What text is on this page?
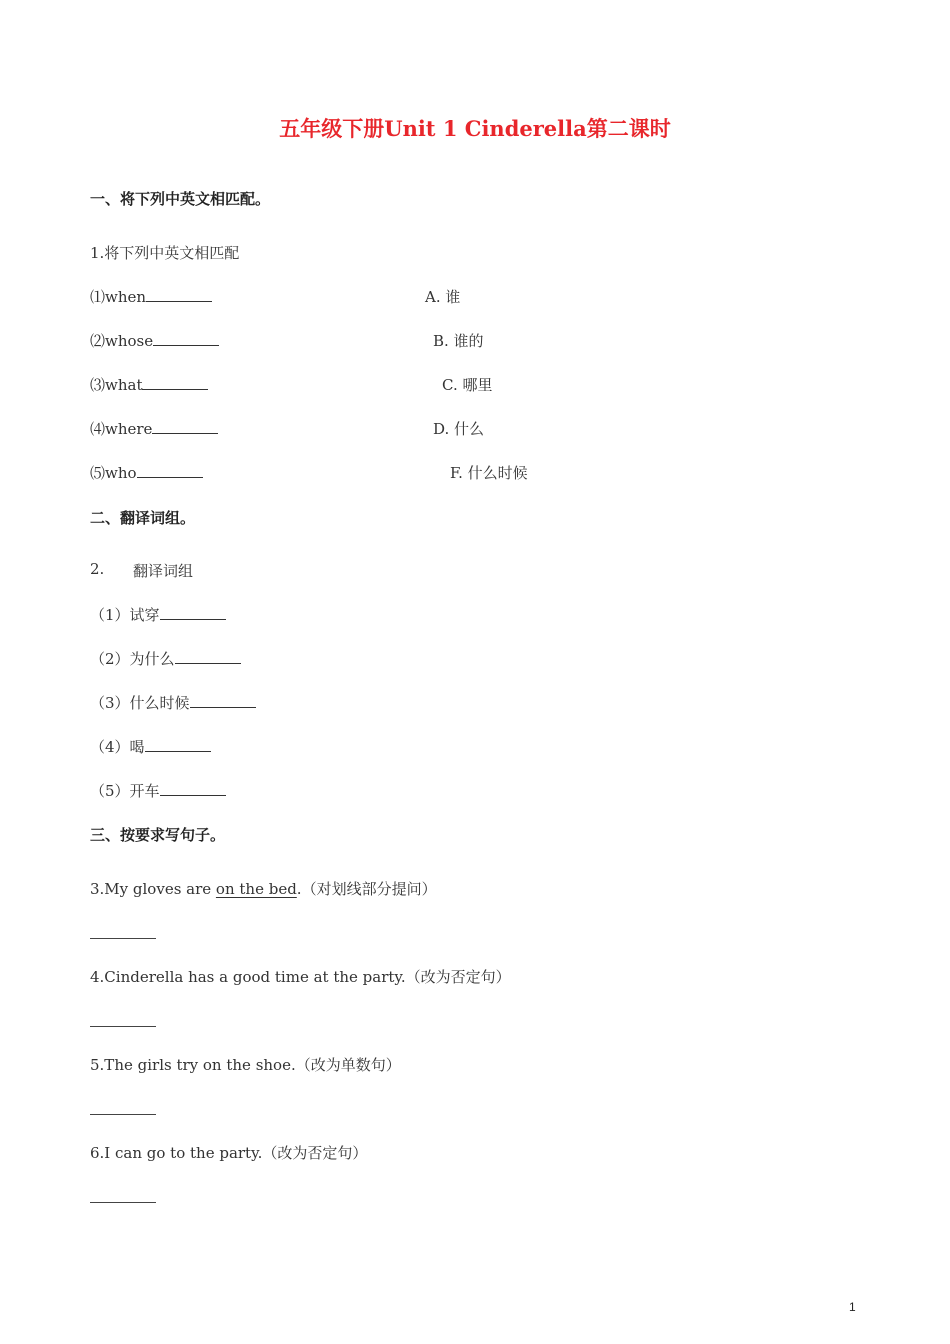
五年级下册Unit 1 Cinderella第二课时
一、将下列中英文相匹配。
1.将下列中英文相匹配
⑴when
⑵whose
⑶what
⑷where
⑸who
A. 谁
B. 谁的
C. 哪里
D. 什么
F. 什么时候
二、翻译词组。
2. 翻译词组
（1）试穿
（2）为什么
（3）什么时候
（4）喝
（5）开车
三、按要求写句子。
3.My gloves are on the bed.（对划线部分提问）
4.Cinderella has a good time at the party.（改为否定句）
5.The girls try on the shoe.（改为单数句）
6.I can go to the party.（改为否定句）
1
